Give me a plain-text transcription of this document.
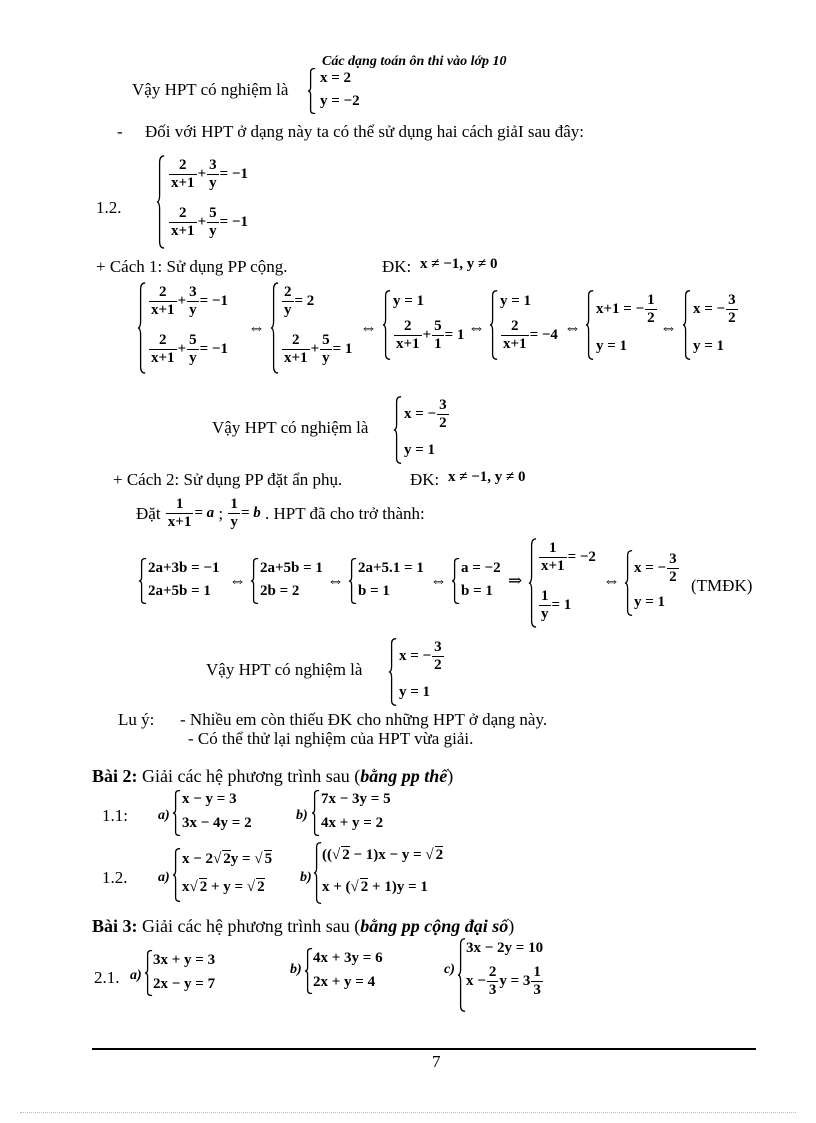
Các dạng toán ôn thi vào lớp 10
Vậy HPT có nghiệm là
x = 2
y = −2
- Đối với HPT ở dạng này ta có thể sử dụng hai cách giảI sau đây:
1.2.
$\frac{2}{x+1} + \frac{3}{y} = -1$
$\frac{2}{x+1} + \frac{5}{y} = -1$
+ Cách 1: Sử dụng PP cộng.	ĐK: x ≠ −1, y ≠ 0
$\frac{2}{x+1} + \frac{3}{y} = -1$
$\frac{2}{x+1} + \frac{5}{y} = -1$
⇔
$\frac{2}{y} = 2$
$\frac{2}{x+1} + \frac{5}{y} = 1$
⇔
y = 1
$\frac{2}{x+1} + \frac{5}{1} = 1$ ⇔
y = 1
$\frac{2}{x+1} = -4$ ⇔
x+1 = − $\frac{1}{2}$
y = 1
⇔
x = − $\frac{3}{2}$
y = 1
Vậy HPT có nghiệm là
x = − $\frac{3}{2}$
y = 1
+ Cách 2: Sử dụng PP đặt ẩn phụ.	ĐK: x ≠ −1, y ≠ 0
Đặt $\frac{1}{x+1} = a$ ; $\frac{1}{y} = b$ . HPT đã cho trở thành:
2a+3b = −1
2a+5b = 1
⇔
2a+5b = 1
2b = 2
⇔
2a+5.1 = 1
b = 1
⇔
a = −2
b = 1
⇒
$\frac{1}{x+1} = -2$
$\frac{1}{y} = 1$
⇔
x = − $\frac{3}{2}$
y = 1
(TMĐK)
Vậy HPT có nghiệm là
x = − $\frac{3}{2}$
y = 1
Lu ý: - Nhiều em còn thiếu ĐK cho những HPT ở dạng này.
- Có thể thử lại nghiệm của HPT vừa giải.
Bài 2: Giải các hệ phương trình sau (bằng pp thế)
1.1: a)
x − y = 3
3x − 4y = 2	b)
7x − 3y = 5
4x + y = 2
1.2. a)
x − 2√ 2y = √ 5
x√ 2 + y = √ 2
b)
((√ 2 − 1)x − y = √ 2
x + (√ 2 + 1)y = 1
Bài 3: Giải các hệ phương trình sau (bằng pp cộng đại số)
2.1. a)
3x + y = 3
2x − y = 7
b)
4x + 3y = 6
2x + y = 4
c)
3x − 2y = 10
$x - \frac{2}{3}$ $y = 3 \frac{1}{3}$
7
